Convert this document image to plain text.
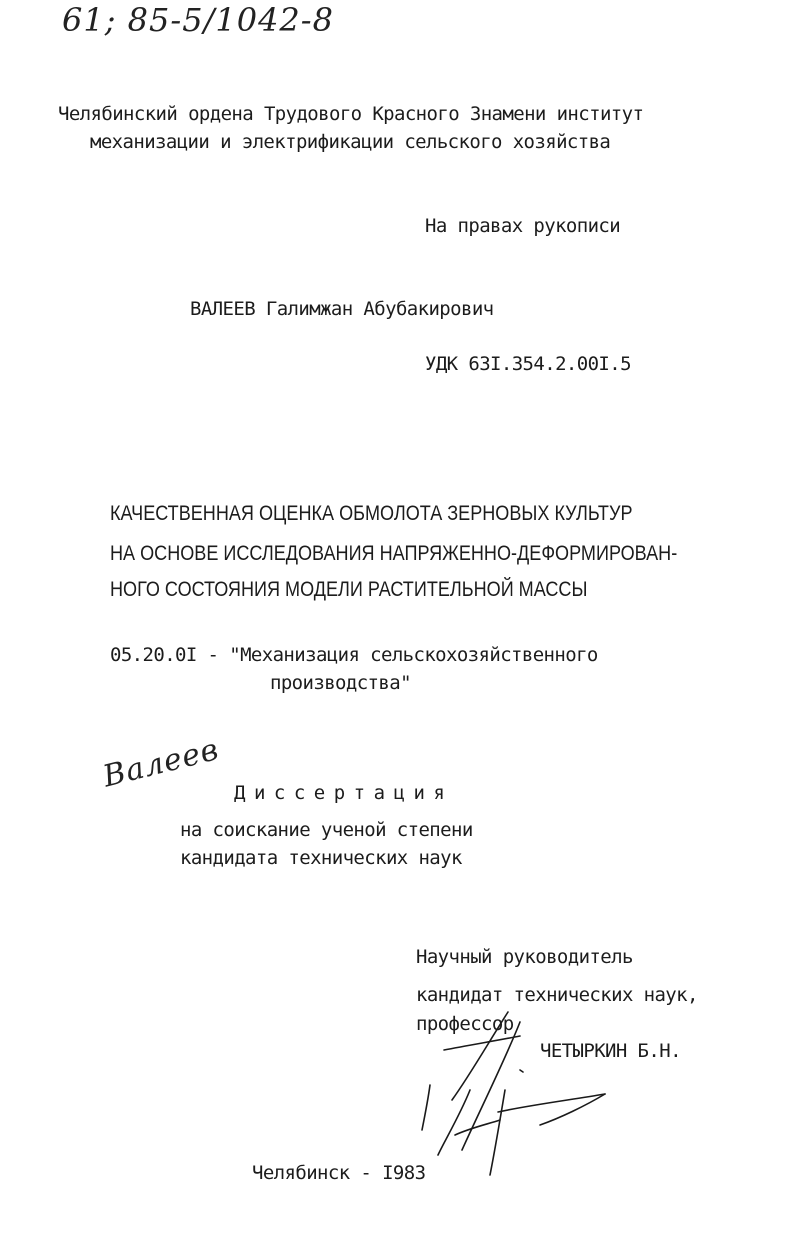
61; 85-5/1042-8
Челябинский ордена Трудового Красного Знамени институт
механизации и электрификации сельского хозяйства
На правах рукописи
ВАЛЕЕВ Галимжан Абубакирович
УДК 63I.354.2.00I.5
КАЧЕСТВЕННАЯ ОЦЕНКА ОБМОЛОТА ЗЕРНОВЫХ КУЛЬТУР
НА ОСНОВЕ ИССЛЕДОВАНИЯ НАПРЯЖЕННО-ДЕФОРМИРОВАН-
НОГО СОСТОЯНИЯ МОДЕЛИ РАСТИТЕЛЬНОЙ МАССЫ
05.20.0I - "Механизация сельскохозяйственного
производства"
Валеев Диссертация
на соискание ученой степени
кандидата технических наук
Научный руководитель
кандидат технических наук,
профессор
ЧЕТЫРКИН Б.Н.
Челябинск - I983
